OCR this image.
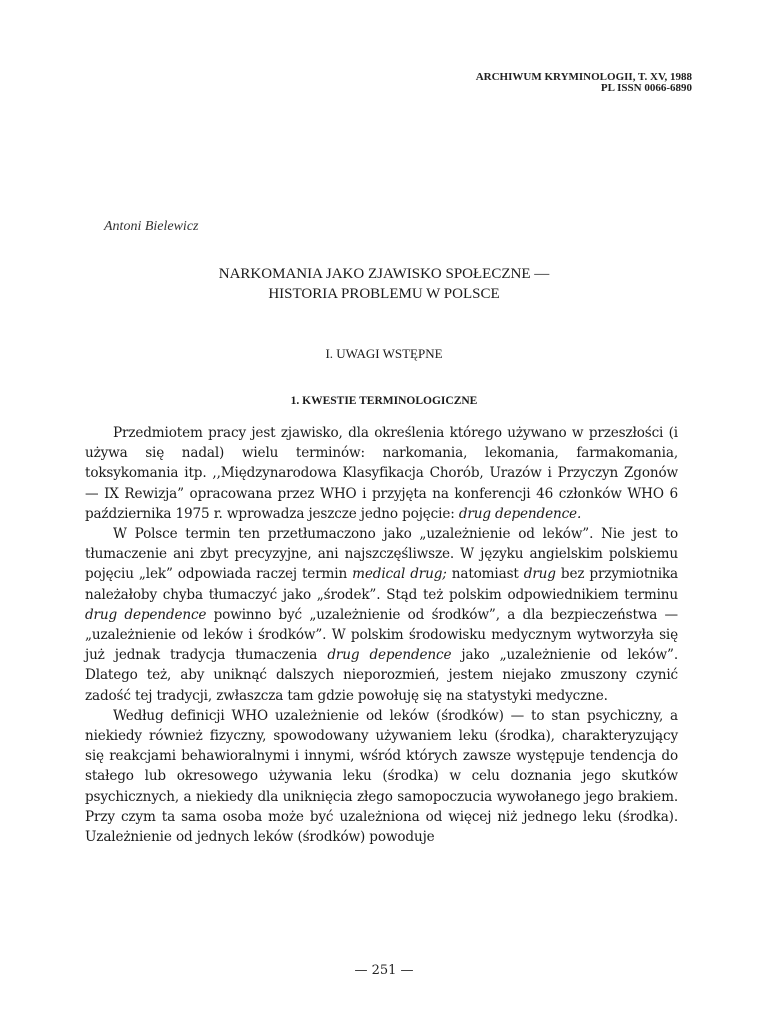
ARCHIWUM KRYMINOLOGII, T. XV, 1988
PL ISSN 0066-6890
Antoni Bielewicz
NARKOMANIA JAKO ZJAWISKO SPOŁECZNE —
HISTORIA PROBLEMU W POLSCE
I. UWAGI WSTĘPNE
1. KWESTIE TERMINOLOGICZNE

Przedmiotem pracy jest zjawisko, dla określenia którego używano w przeszłości (i używa się nadal) wielu terminów: narkomania, lekomania, farmakomania, toksykomania itp. ,,Międzynarodowa Klasyfikacja Chorób, Urazów i Przyczyn Zgonów — IX Rewizja” opracowana przez WHO i przyjęta na konferencji 46 członków WHO 6 października 1975 r. wprowadza jeszcze jedno pojęcie: drug dependence.

W Polsce termin ten przetłumaczono jako „uzależnienie od leków”. Nie jest to tłumaczenie ani zbyt precyzyjne, ani najszczęśliwsze. W języku angielskim polskiemu pojęciu „lek” odpowiada raczej termin medical drug; natomiast drug bez przymiotnika należałoby chyba tłumaczyć jako „środek”. Stąd też polskim odpowiednikiem terminu drug dependence powinno być „uzależnienie od środków”, a dla bezpieczeństwa — „uzależnienie od leków i środków”. W polskim środowisku medycznym wytworzyła się już jednak tradycja tłumaczenia drug dependence jako „uzależnienie od leków”. Dlatego też, aby uniknąć dalszych nieporozmień, jestem niejako zmuszony czynić zadość tej tradycji, zwłaszcza tam gdzie powołuję się na statystyki medyczne.

Według definicji WHO uzależnienie od leków (środków) — to stan psychiczny, a niekiedy również fizyczny, spowodowany używaniem leku (środka), charakteryzujący się reakcjami behawioralnymi i innymi, wśród których zawsze występuje tendencja do stałego lub okresowego używania leku (środka) w celu doznania jego skutków psychicznych, a niekiedy dla uniknięcia złego samopoczucia wywołanego jego brakiem. Przy czym ta sama osoba może być uzależniona od więcej niż jednego leku (środka). Uzależnienie od jednych leków (środków) powoduje

— 251 —
